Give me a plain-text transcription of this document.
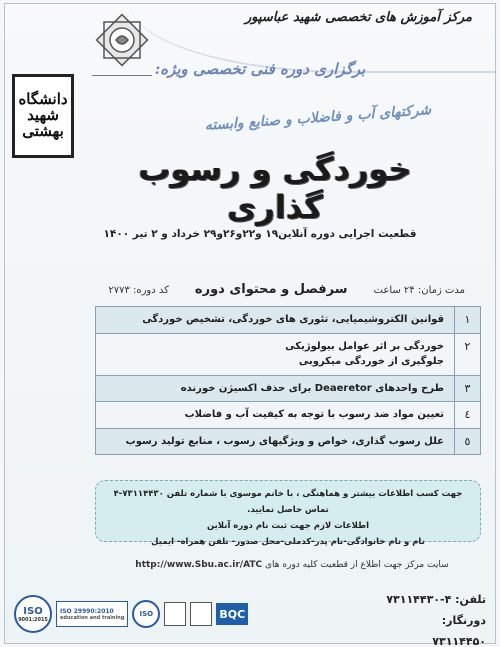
مرکز آموزش های تخصصی شهید عباسپور
دانشگاه
شهید
بهشتی
برگزاری دوره فنی تخصصی ویژه:
شرکتهای آب و فاضلاب و صنایع وابسته
خوردگی و رسوب گذاری
قطعیت اجرایی دوره آنلاین۱۹ و۲۲و۲۶و۲۹ خرداد و ۲ تیر ۱۴۰۰
مدت زمان: ۲۴ ساعت
سرفصل و محتوای دوره
کد دوره: ۲۷۷۳
۱
قوانین الکتروشیمیایی، تئوری های خوردگی، تشخیص خوردگی
۲
خوردگی بر اثر عوامل بیولوژیکی
جلوگیری از خوردگی میکروبی
۳
طرح واحدهای Deaeretor برای حذف اکسیژن خورنده
٤
تعیین مواد ضد رسوب با توجه به کیفیت آب و فاضلاب
٥
علل رسوب گذاری، خواص و ویژگیهای رسوب ، منابع تولید رسوب
جهت کسب اطلاعات بیشتر و هماهنگی ، با خانم موسوی با شماره تلفن ۷۳۱۱۴۴۳۰-۴ تماس حاصل نمایید.
اطلاعات لازم جهت ثبت نام دوره آنلاین
نام و نام خانوادگی-نام پدر-کدملی-محل صدور- تلفن همراه- ایمیل
سایت مرکز جهت اطلاع از قطعیت کلیه دوره های http://www.Sbu.ac.ir/ATC
تلفن: ۴-۷۳۱۱۴۴۳۰
دورنگار: ۷۳۱۱۴۴۵۰
ISO
9001:2015
ISO 29990:2010
education and training ISO	BQC
